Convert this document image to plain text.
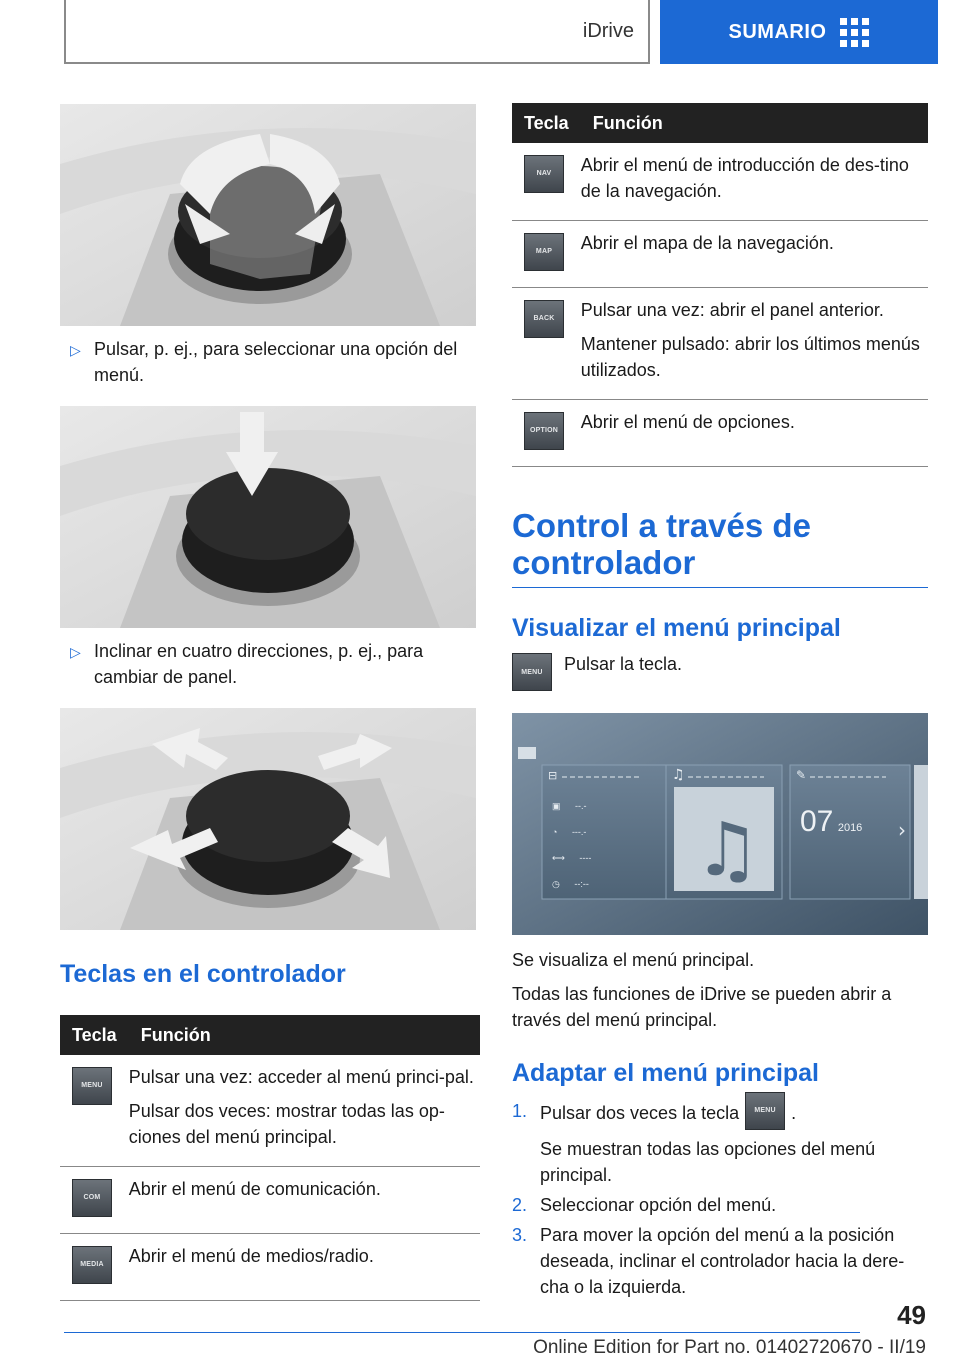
iDrive	SUMARIO
▷ Pulsar, p. ej., para seleccionar una opción del menú.

▷ Inclinar en cuatro direcciones, p. ej., para cambiar de panel.

Teclas en el controlador
Tecla	Función

MENU	Pulsar una vez: acceder al menú princi-pal.

Pulsar dos veces: mostrar todas las op-ciones del menú principal.

COM	Abrir el menú de comunicación.

MEDIA	Abrir el menú de medios/radio.

Tecla	Función

NAV	Abrir el menú de introducción de des-tino de la navegación.

MAP	Abrir el mapa de la navegación.

BACK	Pulsar una vez: abrir el panel anterior.

Mantener pulsado: abrir los últimos menús utilizados.

OPTION	Abrir el menú de opciones.

Control a través de controlador
Visualizar el menú principal
MENU Pulsar la tecla.
♫
♫
⊟	✎
›
▣ --.-
◔ ---.-
⟷ ----
◷ --:--
07 2016

Se visualiza el menú principal.

Todas las funciones de iDrive se pueden abrir a través del menú principal.

Adaptar el menú principal
1. Pulsar dos veces la tecla MENU .

Se muestran todas las opciones del menú principal.

2. Seleccionar opción del menú.

3. Para mover la opción del menú a la posición deseada, inclinar el controlador hacia la dere-cha o la izquierda.

49
Online Edition for Part no. 01402720670 - II/19
